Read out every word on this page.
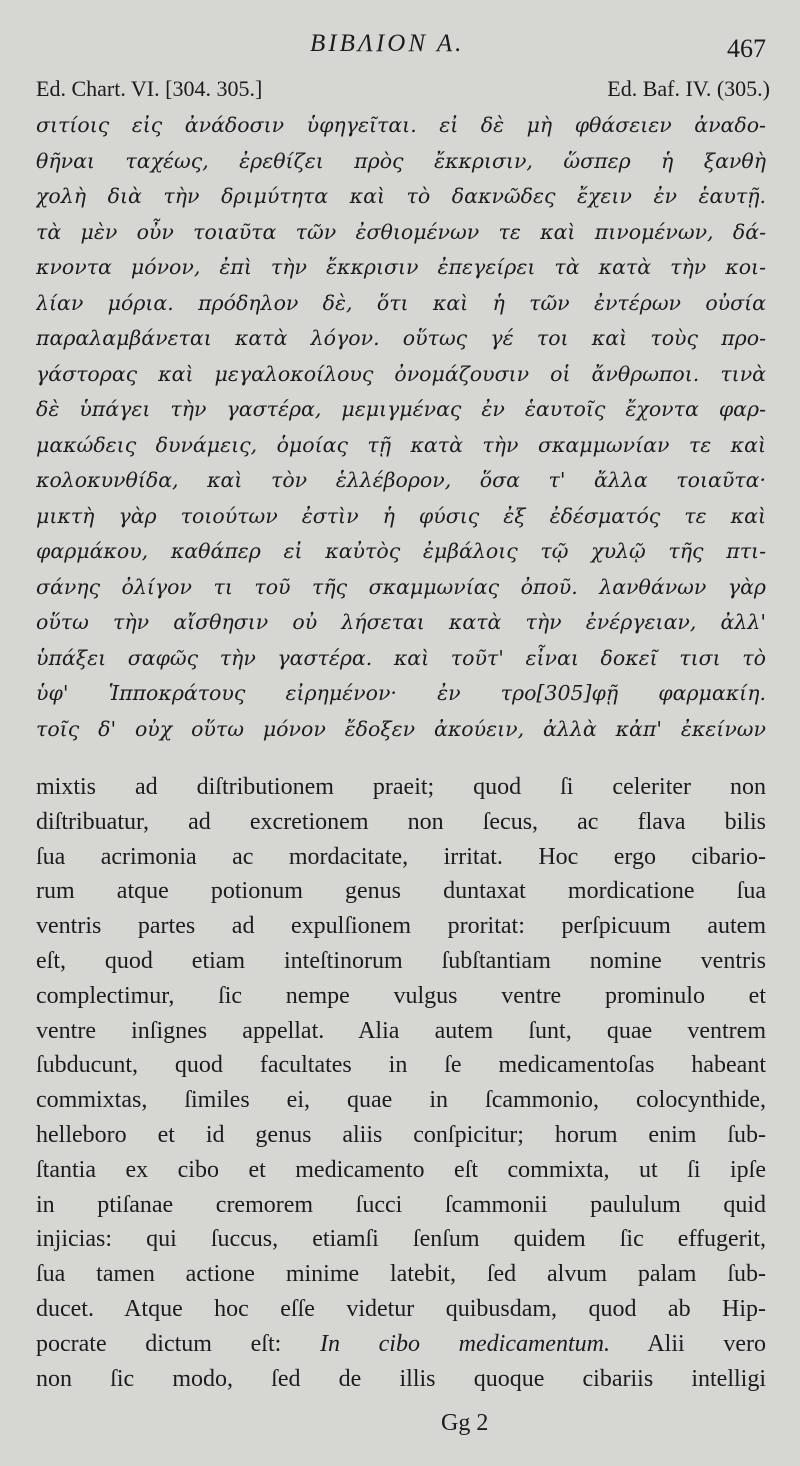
BIBΛΙΟΝ Α.	467
Ed. Chart. VI. [304. 305.]	Ed. Baf. IV. (305.)
σιτίοις εἰς ἀνάδοσιν ὑφηγεῖται. εἰ δὲ μὴ φθάσειεν ἀναδο-
θῆναι ταχέως, ἐρεθίζει πρὸς ἔκκρισιν, ὥσπερ ἡ ξανθὴ
χολὴ διὰ τὴν δριμύτητα καὶ τὸ δακνῶδες ἔχειν ἐν ἑαυτῇ.
τὰ μὲν οὖν τοιαῦτα τῶν ἐσθιομένων τε καὶ πινομένων, δά-
κνοντα μόνον, ἐπὶ τὴν ἔκκρισιν ἐπεγείρει τὰ κατὰ τὴν κοι-
λίαν μόρια. πρόδηλον δὲ, ὅτι καὶ ἡ τῶν ἐντέρων οὐσία
παραλαμβάνεται κατὰ λόγον. οὕτως γέ τοι καὶ τοὺς προ-
γάστορας καὶ μεγαλοκοίλους ὀνομάζουσιν οἱ ἄνθρωποι. τινὰ
δὲ ὑπάγει τὴν γαστέρα, μεμιγμένας ἐν ἑαυτοῖς ἔχοντα φαρ-
μακώδεις δυνάμεις, ὁμοίας τῇ κατὰ τὴν σκαμμωνίαν τε καὶ
κολοκυνθίδα, καὶ τὸν ἑλλέβορον, ὅσα τ' ἄλλα τοιαῦτα·
μικτὴ γὰρ τοιούτων ἐστὶν ἡ φύσις ἐξ ἐδέσματός τε καὶ
φαρμάκου, καθάπερ εἰ καὐτὸς ἐμβάλοις τῷ χυλῷ τῆς πτι-
σάνης ὀλίγον τι τοῦ τῆς σκαμμωνίας ὀποῦ. λανθάνων γὰρ
οὕτω τὴν αἴσθησιν οὐ λήσεται κατὰ τὴν ἐνέργειαν, ἀλλ'
ὑπάξει σαφῶς τὴν γαστέρα. καὶ τοῦτ' εἶναι δοκεῖ τισι τὸ
ὑφ' Ἱπποκράτους εἰρημένον· ἐν τρο[305]φῇ φαρμακίη.
τοῖς δ' οὐχ οὕτω μόνον ἔδοξεν ἀκούειν, ἀλλὰ κἀπ' ἐκείνων
mixtis ad diſtributionem praeit; quod ſi celeriter non
diſtribuatur, ad excretionem non ſecus, ac flava bilis
ſua acrimonia ac mordacitate, irritat. Hoc ergo cibario-
rum atque potionum genus duntaxat mordicatione ſua
ventris partes ad expulſionem proritat: perſpicuum autem
eſt, quod etiam inteſtinorum ſubſtantiam nomine ventris
complectimur, ſic nempe vulgus ventre prominulo et
ventre inſignes appellat. Alia autem ſunt, quae ventrem
ſubducunt, quod facultates in ſe medicamentoſas habeant
commixtas, ſimiles ei, quae in ſcammonio, colocynthide,
helleboro et id genus aliis conſpicitur; horum enim ſub-
ſtantia ex cibo et medicamento eſt commixta, ut ſi ipſe
in ptiſanae cremorem ſucci ſcammonii paululum quid
injicias: qui ſuccus, etiamſi ſenſum quidem ſic effugerit,
ſua tamen actione minime latebit, ſed alvum palam ſub-
ducet. Atque hoc eſſe videtur quibusdam, quod ab Hip-
pocrate dictum eſt: In cibo medicamentum. Alii vero
non ſic modo, ſed de illis quoque cibariis intelligi
Gg 2
